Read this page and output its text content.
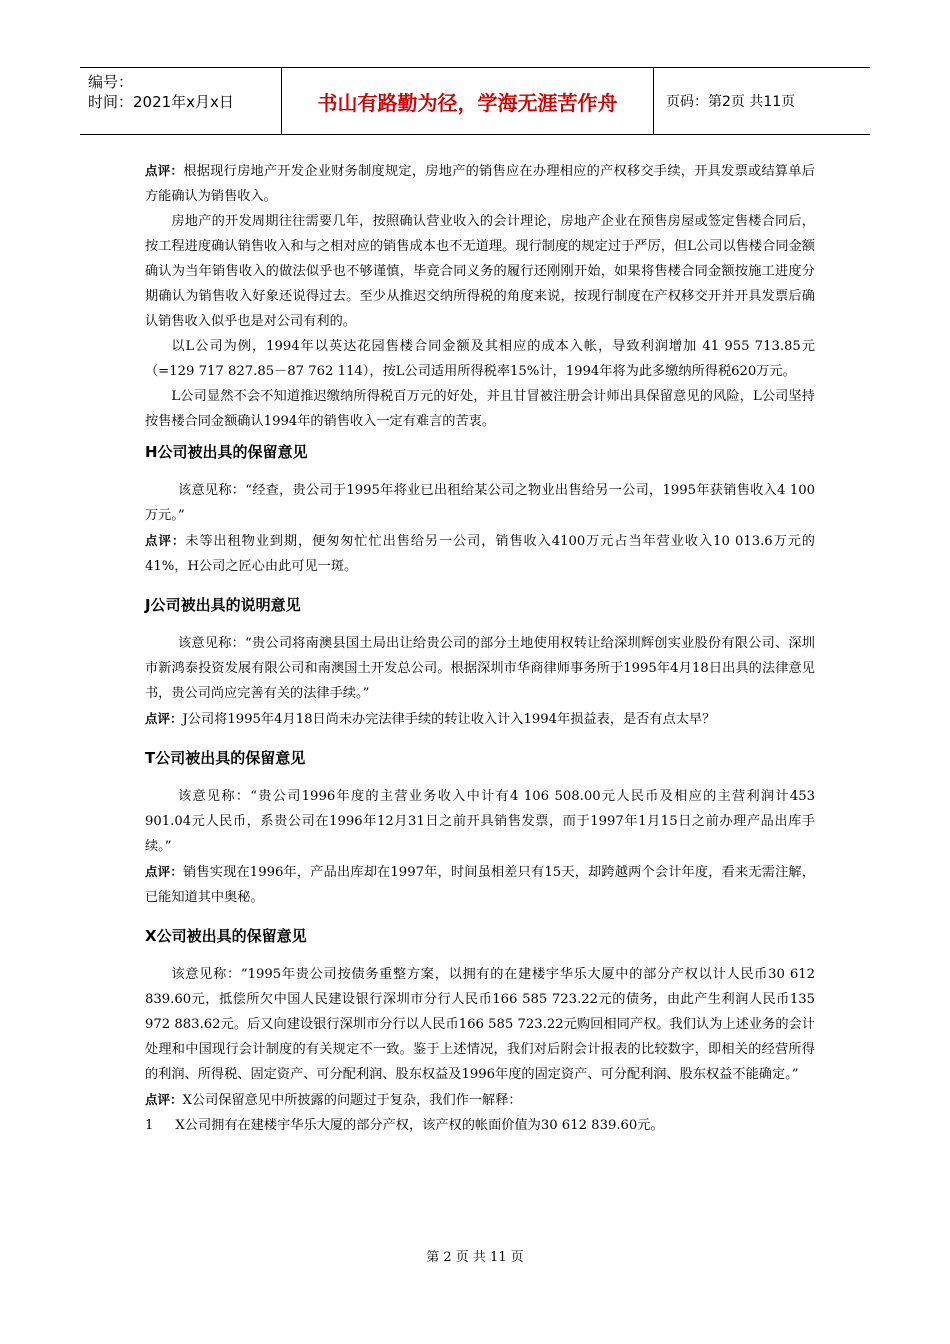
编号：
时间：2021年x月x日	书山有路勤为径，学海无涯苦作舟	页码：第2页 共11页

点评：根据现行房地产开发企业财务制度规定，房地产的销售应在办理相应的产权移交手续，开具发票或结算单后方能确认为销售收入。

房地产的开发周期往往需要几年，按照确认营业收入的会计理论，房地产企业在预售房屋或签定售楼合同后，按工程进度确认销售收入和与之相对应的销售成本也不无道理。现行制度的规定过于严厉，但L公司以售楼合同金额确认为当年销售收入的做法似乎也不够谨慎，毕竟合同义务的履行还刚刚开始，如果将售楼合同金额按施工进度分期确认为销售收入好象还说得过去。至少从推迟交纳所得税的角度来说，按现行制度在产权移交开并开具发票后确认销售收入似乎也是对公司有利的。

以L公司为例，1994年以英达花园售楼合同金额及其相应的成本入帐，导致利润增加 41 955 713.85元（=129 717 827.85－87 762 114），按L公司适用所得税率15%计，1994年将为此多缴纳所得税620万元。

L公司显然不会不知道推迟缴纳所得税百万元的好处，并且甘冒被注册会计师出具保留意见的风险，L公司坚持按售楼合同金额确认1994年的销售收入一定有难言的苦衷。

H公司被出具的保留意见

该意见称：“经查，贵公司于1995年将业已出租给某公司之物业出售给另一公司，1995年获销售收入4 100万元。”

点评：未等出租物业到期，便匆匆忙忙出售给另一公司，销售收入4100万元占当年营业收入10 013.6万元的41%，H公司之匠心由此可见一斑。

J公司被出具的说明意见

该意见称：“贵公司将南澳县国土局出让给贵公司的部分土地使用权转让给深圳辉创实业股份有限公司、深圳市新鸿泰投资发展有限公司和南澳国土开发总公司。根据深圳市华商律师事务所于1995年4月18日出具的法律意见书，贵公司尚应完善有关的法律手续。”

点评：J公司将1995年4月18日尚未办完法律手续的转让收入计入1994年损益表，是否有点太早？

T公司被出具的保留意见

该意见称：“贵公司1996年度的主营业务收入中计有4 106 508.00元人民币及相应的主营利润计453 901.04元人民币，系贵公司在1996年12月31日之前开具销售发票，而于1997年1月15日之前办理产品出库手续。”

点评：销售实现在1996年，产品出库却在1997年，时间虽相差只有15天，却跨越两个会计年度，看来无需注解，已能知道其中奥秘。

X公司被出具的保留意见

该意见称：“1995年贵公司按债务重整方案，以拥有的在建楼宇华乐大厦中的部分产权以计人民币30 612 839.60元，抵偿所欠中国人民建设银行深圳市分行人民币166 585 723.22元的债务，由此产生利润人民币135 972 883.62元。后又向建设银行深圳市分行以人民币166 585 723.22元购回相同产权。我们认为上述业务的会计处理和中国现行会计制度的有关规定不一致。鉴于上述情况，我们对后附会计报表的比较数字，即相关的经营所得的利润、所得税、固定资产、可分配利润、股东权益及1996年度的固定资产、可分配利润、股东权益不能确定。”

点评：X公司保留意见中所披露的问题过于复杂，我们作一解释：

1 X公司拥有在建楼宇华乐大厦的部分产权，该产权的帐面价值为30 612 839.60元。

第 2 页 共 11 页
